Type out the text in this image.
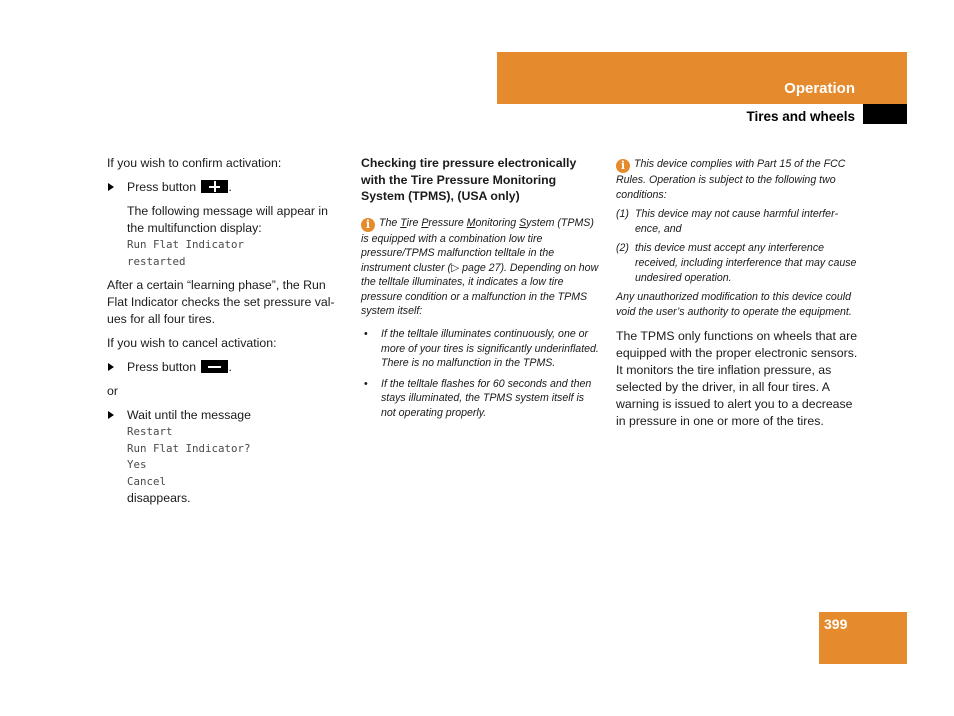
Operation
Tires and wheels

If you wish to confirm activation:

Press button	.

The following message will appear in the multifunction display:

Run Flat Indicator
restarted

After a certain “learning phase”, the Run Flat Indicator checks the set pressure values for all four tires.

If you wish to cancel activation:

Press button	.

or

Wait until the message

Restart
Run Flat Indicator?
Yes
Cancel

disappears.

Checking tire pressure electronically with the Tire Pressure Monitoring System (TPMS), (USA only)

i The Tire Pressure Monitoring System (TPMS) is equipped with a combination low tire pressure/TPMS malfunction telltale in the instrument cluster (▷ page 27). Depending on how the telltale illuminates, it indicates a low tire pressure condition or a malfunction in the TPMS system itself:

• If the telltale illuminates continuously, one or more of your tires is significantly underinflated. There is no malfunction in the TPMS.

• If the telltale flashes for 60 seconds and then stays illuminated, the TPMS system itself is not operating properly.

i This device complies with Part 15 of the FCC Rules. Operation is subject to the following two conditions:

(1) This device may not cause harmful interference, and

(2) this device must accept any interference received, including interference that may cause undesired operation.

Any unauthorized modification to this device could void the user’s authority to operate the equipment.

The TPMS only functions on wheels that are equipped with the proper electronic sensors. It monitors the tire inflation pressure, as selected by the driver, in all four tires. A warning is issued to alert you to a decrease in pressure in one or more of the tires.

399
